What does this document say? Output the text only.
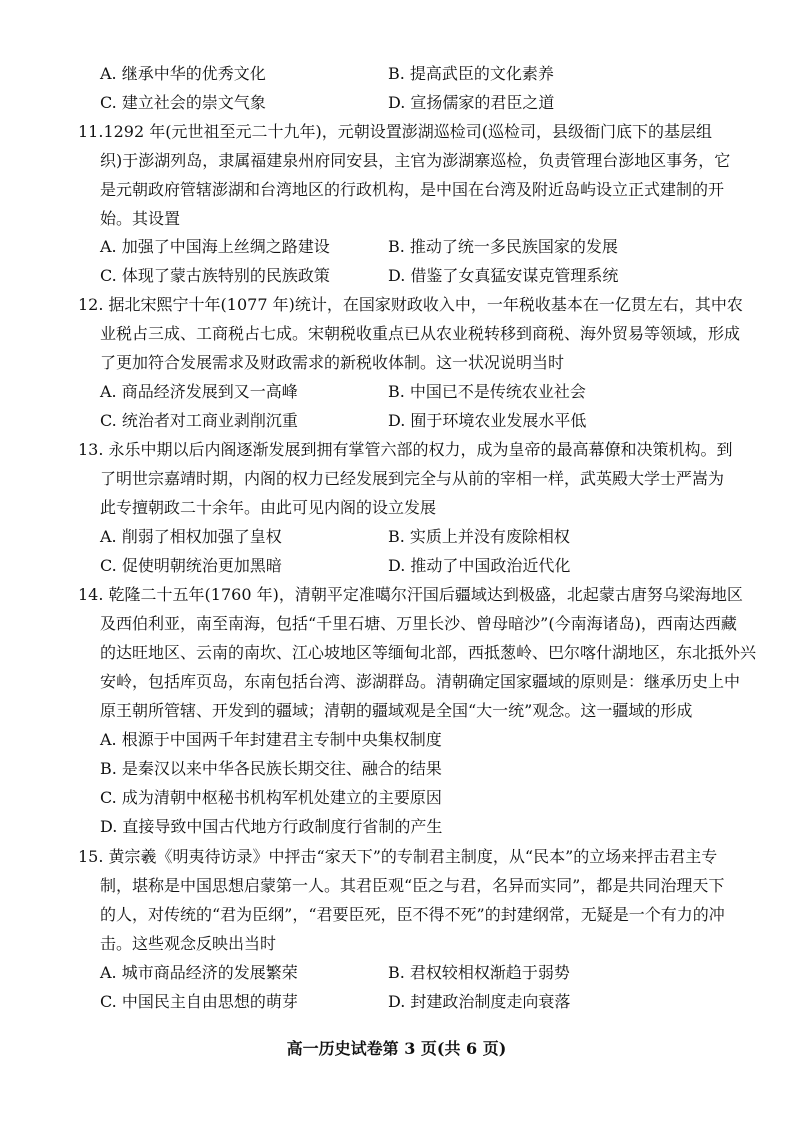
A. 继承中华的优秀文化	B. 提高武臣的文化素养
C. 建立社会的崇文气象	D. 宣扬儒家的君臣之道
11.1292 年(元世祖至元二十九年)，元朝设置澎湖巡检司(巡检司，县级衙门底下的基层组
织)于澎湖列岛，隶属福建泉州府同安县，主官为澎湖寨巡检，负责管理台澎地区事务，它
是元朝政府管辖澎湖和台湾地区的行政机构，是中国在台湾及附近岛屿设立正式建制的开
始。其设置
A. 加强了中国海上丝绸之路建设	B. 推动了统一多民族国家的发展
C. 体现了蒙古族特别的民族政策	D. 借鉴了女真猛安谋克管理系统
12. 据北宋熙宁十年(1077 年)统计，在国家财政收入中，一年税收基本在一亿贯左右，其中农
业税占三成、工商税占七成。宋朝税收重点已从农业税转移到商税、海外贸易等领域，形成
了更加符合发展需求及财政需求的新税收体制。这一状况说明当时
A. 商品经济发展到又一高峰	B. 中国已不是传统农业社会
C. 统治者对工商业剥削沉重	D. 囿于环境农业发展水平低
13. 永乐中期以后内阁逐渐发展到拥有掌管六部的权力，成为皇帝的最高幕僚和决策机构。到
了明世宗嘉靖时期，内阁的权力已经发展到完全与从前的宰相一样，武英殿大学士严嵩为
此专擅朝政二十余年。由此可见内阁的设立发展
A. 削弱了相权加强了皇权	B. 实质上并没有废除相权
C. 促使明朝统治更加黑暗	D. 推动了中国政治近代化
14. 乾隆二十五年(1760 年)，清朝平定准噶尔汗国后疆域达到极盛，北起蒙古唐努乌梁海地区
及西伯利亚，南至南海，包括“千里石塘、万里长沙、曾母暗沙”(今南海诸岛)，西南达西藏
的达旺地区、云南的南坎、江心坡地区等缅甸北部，西抵葱岭、巴尔喀什湖地区，东北抵外兴
安岭，包括库页岛，东南包括台湾、澎湖群岛。清朝确定国家疆域的原则是：继承历史上中
原王朝所管辖、开发到的疆域；清朝的疆域观是全国“大一统”观念。这一疆域的形成
A. 根源于中国两千年封建君主专制中央集权制度
B. 是秦汉以来中华各民族长期交往、融合的结果
C. 成为清朝中枢秘书机构军机处建立的主要原因
D. 直接导致中国古代地方行政制度行省制的产生
15. 黄宗羲《明夷待访录》中抨击“家天下”的专制君主制度，从“民本”的立场来抨击君主专
制，堪称是中国思想启蒙第一人。其君臣观“臣之与君，名异而实同”，都是共同治理天下
的人，对传统的“君为臣纲”，“君要臣死，臣不得不死”的封建纲常，无疑是一个有力的冲
击。这些观念反映出当时
A. 城市商品经济的发展繁荣	B. 君权较相权渐趋于弱势
C. 中国民主自由思想的萌芽	D. 封建政治制度走向衰落
高一历史试卷第 3 页(共 6 页)
